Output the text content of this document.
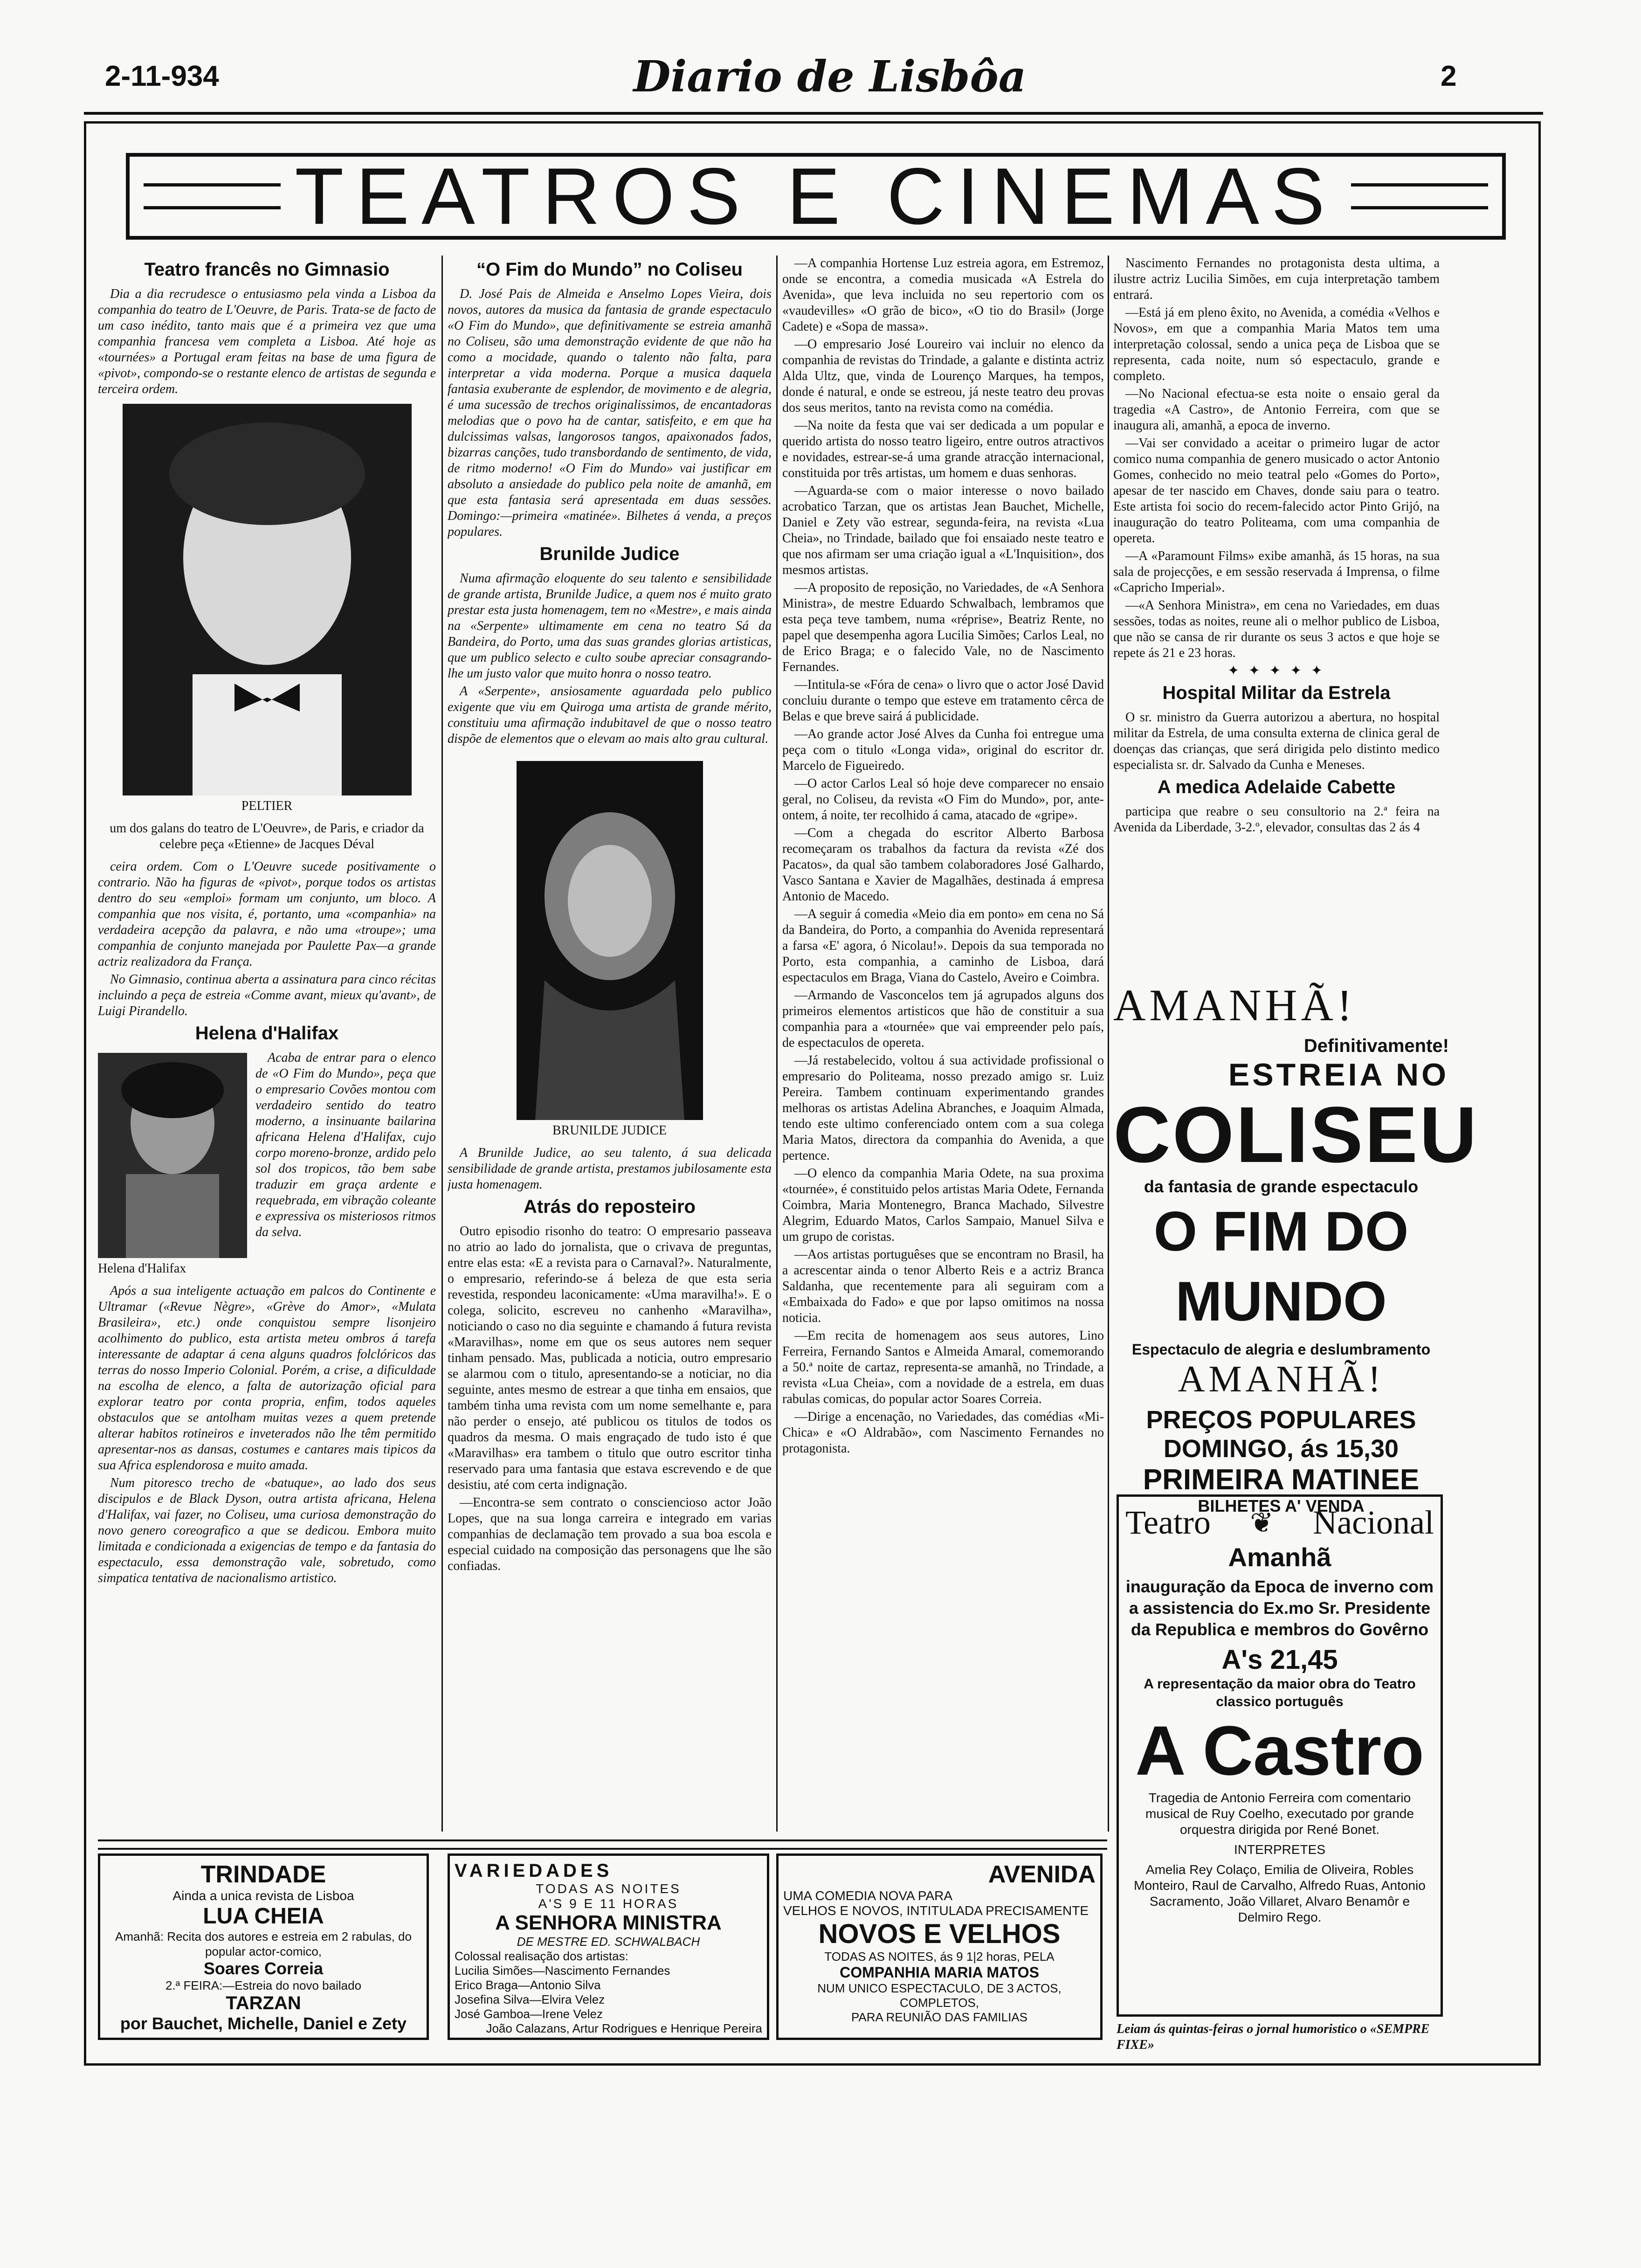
2-11-934	Diario de Lisbôa	2
TEATROS E CINEMAS
Teatro francês no Gimnasio

Dia a dia recrudesce o entusiasmo pela vinda a Lisboa da companhia do teatro de L'Oeuvre, de Paris. Trata-se de facto de um caso inédito, tanto mais que é a primeira vez que uma companhia francesa vem completa a Lisboa. Até hoje as «tournées» a Portugal eram feitas na base de uma figura de «pivot», compondo-se o restante elenco de artistas de segunda e terceira ordem.

PELTIER
um dos galans do teatro de L'Oeuvre», de Paris, e criador da celebre peça «Etienne» de Jacques Déval

ceira ordem. Com o L'Oeuvre sucede positivamente o contrario. Não ha figuras de «pivot», porque todos os artistas dentro do seu «emploi» formam um conjunto, um bloco. A companhia que nos visita, é, portanto, uma «companhia» na verdadeira acepção da palavra, e não uma «troupe»; uma companhia de conjunto manejada por Paulette Pax—a grande actriz realizadora da França.

No Gimnasio, continua aberta a assinatura para cinco récitas incluindo a peça de estreia «Comme avant, mieux qu'avant», de Luigi Pirandello.

Helena d'Halifax

Acaba de entrar para o elenco de «O Fim do Mundo», peça que o empresario Covões montou com verdadeiro sentido do teatro moderno, a insinuante bailarina africana Helena d'Halifax, cujo corpo moreno-bronze, ardido pelo sol dos tropicos, tão bem sabe traduzir em graça ardente e requebrada, em vibração coleante e expressiva os misteriosos ritmos da selva.

Helena d'Halifax

Após a sua inteligente actuação em palcos do Continente e Ultramar («Revue Nègre», «Grève do Amor», «Mulata Brasileira», etc.) onde conquistou sempre lisonjeiro acolhimento do publico, esta artista meteu ombros á tarefa interessante de adaptar á cena alguns quadros folclóricos das terras do nosso Imperio Colonial. Porém, a crise, a dificuldade na escolha de elenco, a falta de autorização oficial para explorar teatro por conta propria, enfim, todos aqueles obstaculos que se antolham muitas vezes a quem pretende alterar habitos rotineiros e inveterados não lhe têm permitido apresentar-nos as dansas, costumes e cantares mais tipicos da sua Africa esplendorosa e muito amada.

Num pitoresco trecho de «batuque», ao lado dos seus discipulos e de Black Dyson, outra artista africana, Helena d'Halifax, vai fazer, no Coliseu, uma curiosa demonstração do novo genero coreografico a que se dedicou. Embora muito limitada e condicionada a exigencias de tempo e da fantasia do espectaculo, essa demonstração vale, sobretudo, como simpatica tentativa de nacionalismo artistico.

“O Fim do Mundo” no Coliseu

D. José Pais de Almeida e Anselmo Lopes Vieira, dois novos, autores da musica da fantasia de grande espectaculo «O Fim do Mundo», que definitivamente se estreia amanhã no Coliseu, são uma demonstração evidente de que não ha como a mocidade, quando o talento não falta, para interpretar a vida moderna. Porque a musica daquela fantasia exuberante de esplendor, de movimento e de alegria, é uma sucessão de trechos originalissimos, de encantadoras melodias que o povo ha de cantar, satisfeito, e em que ha dulcissimas valsas, langorosos tangos, apaixonados fados, bizarras canções, tudo transbordando de sentimento, de vida, de ritmo moderno! «O Fim do Mundo» vai justificar em absoluto a ansiedade do publico pela noite de amanhã, em que esta fantasia será apresentada em duas sessões. Domingo:—primeira «matinée». Bilhetes á venda, a preços populares.

Brunilde Judice

Numa afirmação eloquente do seu talento e sensibilidade de grande artista, Brunilde Judice, a quem nos é muito grato prestar esta justa homenagem, tem no «Mestre», e mais ainda na «Serpente» ultimamente em cena no teatro Sá da Bandeira, do Porto, uma das suas grandes glorias artisticas, que um publico selecto e culto soube apreciar consagrando-lhe um justo valor que muito honra o nosso teatro.

A «Serpente», ansiosamente aguardada pelo publico exigente que viu em Quiroga uma artista de grande mérito, constituiu uma afirmação indubitavel de que o nosso teatro dispõe de elementos que o elevam ao mais alto grau cultural.

BRUNILDE JUDICE

A Brunilde Judice, ao seu talento, á sua delicada sensibilidade de grande artista, prestamos jubilosamente esta justa homenagem.

Atrás do reposteiro

Outro episodio risonho do teatro: O empresario passeava no atrio ao lado do jornalista, que o crivava de preguntas, entre elas esta: «E a revista para o Carnaval?». Naturalmente, o empresario, referindo-se á beleza de que esta seria revestida, respondeu laconicamente: «Uma maravilha!». E o colega, solicito, escreveu no canhenho «Maravilha», noticiando o caso no dia seguinte e chamando á futura revista «Maravilhas», nome em que os seus autores nem sequer tinham pensado. Mas, publicada a noticia, outro empresario se alarmou com o titulo, apresentando-se a noticiar, no dia seguinte, antes mesmo de estrear a que tinha em ensaios, que também tinha uma revista com um nome semelhante e, para não perder o ensejo, até publicou os titulos de todos os quadros da mesma. O mais engraçado de tudo isto é que «Maravilhas» era tambem o titulo que outro escritor tinha reservado para uma fantasia que estava escrevendo e de que desistiu, até com certa indignação.

—Encontra-se sem contrato o consciencioso actor João Lopes, que na sua longa carreira e integrado em varias companhias de declamação tem provado a sua boa escola e especial cuidado na composição das personagens que lhe são confiadas.

—A companhia Hortense Luz estreia agora, em Estremoz, onde se encontra, a comedia musicada «A Estrela do Avenida», que leva incluida no seu repertorio com os «vaudevilles» «O grão de bico», «O tio do Brasil» (Jorge Cadete) e «Sopa de massa».

—O empresario José Loureiro vai incluir no elenco da companhia de revistas do Trindade, a galante e distinta actriz Alda Ultz, que, vinda de Lourenço Marques, ha tempos, donde é natural, e onde se estreou, já neste teatro deu provas dos seus meritos, tanto na revista como na comédia.

—Na noite da festa que vai ser dedicada a um popular e querido artista do nosso teatro ligeiro, entre outros atractivos e novidades, estrear-se-á uma grande atracção internacional, constituida por três artistas, um homem e duas senhoras.

—Aguarda-se com o maior interesse o novo bailado acrobatico Tarzan, que os artistas Jean Bauchet, Michelle, Daniel e Zety vão estrear, segunda-feira, na revista «Lua Cheia», no Trindade, bailado que foi ensaiado neste teatro e que nos afirmam ser uma criação igual a «L'Inquisition», dos mesmos artistas.

—A proposito de reposição, no Variedades, de «A Senhora Ministra», de mestre Eduardo Schwalbach, lembramos que esta peça teve tambem, numa «réprise», Beatriz Rente, no papel que desempenha agora Lucilia Simões; Carlos Leal, no de Erico Braga; e o falecido Vale, no de Nascimento Fernandes.

—Intitula-se «Fóra de cena» o livro que o actor José David concluiu durante o tempo que esteve em tratamento cêrca de Belas e que breve sairá á publicidade.

—Ao grande actor José Alves da Cunha foi entregue uma peça com o titulo «Longa vida», original do escritor dr. Marcelo de Figueiredo.

—O actor Carlos Leal só hoje deve comparecer no ensaio geral, no Coliseu, da revista «O Fim do Mundo», por, ante-ontem, á noite, ter recolhido á cama, atacado de «gripe».

—Com a chegada do escritor Alberto Barbosa recomeçaram os trabalhos da factura da revista «Zé dos Pacatos», da qual são tambem colaboradores José Galhardo, Vasco Santana e Xavier de Magalhães, destinada á empresa Antonio de Macedo.

—A seguir á comedia «Meio dia em ponto» em cena no Sá da Bandeira, do Porto, a companhia do Avenida representará a farsa «E' agora, ó Nicolau!». Depois da sua temporada no Porto, esta companhia, a caminho de Lisboa, dará espectaculos em Braga, Viana do Castelo, Aveiro e Coimbra.

—Armando de Vasconcelos tem já agrupados alguns dos primeiros elementos artisticos que hão de constituir a sua companhia para a «tournée» que vai empreender pelo país, de espectaculos de opereta.

—Já restabelecido, voltou á sua actividade profissional o empresario do Politeama, nosso prezado amigo sr. Luiz Pereira. Tambem continuam experimentando grandes melhoras os artistas Adelina Abranches, e Joaquim Almada, tendo este ultimo conferenciado ontem com a sua colega Maria Matos, directora da companhia do Avenida, a que pertence.

—O elenco da companhia Maria Odete, na sua proxima «tournée», é constituido pelos artistas Maria Odete, Fernanda Coimbra, Maria Montenegro, Branca Machado, Silvestre Alegrim, Eduardo Matos, Carlos Sampaio, Manuel Silva e um grupo de coristas.

—Aos artistas portuguêses que se encontram no Brasil, ha a acrescentar ainda o tenor Alberto Reis e a actriz Branca Saldanha, que recentemente para ali seguiram com a «Embaixada do Fado» e que por lapso omitimos na nossa noticia.

—Em recita de homenagem aos seus autores, Lino Ferreira, Fernando Santos e Almeida Amaral, comemorando a 50.ª noite de cartaz, representa-se amanhã, no Trindade, a revista «Lua Cheia», com a novidade de a estrela, em duas rabulas comicas, do popular actor Soares Correia.

—Dirige a encenação, no Variedades, das comédias «Mi-Chica» e «O Aldrabão», com Nascimento Fernandes no protagonista.

Nascimento Fernandes no protagonista desta ultima, a ilustre actriz Lucilia Simões, em cuja interpretação tambem entrará.

—Está já em pleno êxito, no Avenida, a comédia «Velhos e Novos», em que a companhia Maria Matos tem uma interpretação colossal, sendo a unica peça de Lisboa que se representa, cada noite, num só espectaculo, grande e completo.

—No Nacional efectua-se esta noite o ensaio geral da tragedia «A Castro», de Antonio Ferreira, com que se inaugura ali, amanhã, a epoca de inverno.

—Vai ser convidado a aceitar o primeiro lugar de actor comico numa companhia de genero musicado o actor Antonio Gomes, conhecido no meio teatral pelo «Gomes do Porto», apesar de ter nascido em Chaves, donde saiu para o teatro. Este artista foi socio do recem-falecido actor Pinto Grijó, na inauguração do teatro Politeama, com uma companhia de opereta.

—A «Paramount Films» exibe amanhã, ás 15 horas, na sua sala de projecções, e em sessão reservada á Imprensa, o filme «Capricho Imperial».

—«A Senhora Ministra», em cena no Variedades, em duas sessões, todas as noites, reune ali o melhor publico de Lisboa, que não se cansa de rir durante os seus 3 actos e que hoje se repete ás 21 e 23 horas.

✦ ✦ ✦ ✦ ✦
Hospital Militar da Estrela

O sr. ministro da Guerra autorizou a abertura, no hospital militar da Estrela, de uma consulta externa de clinica geral de doenças das crianças, que será dirigida pelo distinto medico especialista sr. dr. Salvado da Cunha e Meneses.

A medica Adelaide Cabette

participa que reabre o seu consultorio na 2.ª feira na Avenida da Liberdade, 3-2.º, elevador, consultas das 2 ás 4

AMANHÃ!
Definitivamente!
ESTREIA NO
COLISEU
da fantasia de grande espectaculo
O FIM DO MUNDO
Espectaculo de alegria e deslumbramento
AMANHÃ!
PREÇOS POPULARES
DOMINGO, ás 15,30
PRIMEIRA MATINEE
BILHETES A' VENDA
Teatro ❦ Nacional
Amanhã
inauguração da Epoca de inverno com a assistencia do Ex.mo Sr. Presidente da Republica e membros do Govêrno
A's 21,45
A representação da maior obra do Teatro classico português
A Castro
Tragedia de Antonio Ferreira com comentario musical de Ruy Coelho, executado por grande orquestra dirigida por René Bonet.
INTERPRETES
Amelia Rey Colaço, Emilia de Oliveira, Robles Monteiro, Raul de Carvalho, Alfredo Ruas, Antonio Sacramento, João Villaret, Alvaro Benamôr e Delmiro Rego.
Leiam ás quintas-feiras o jornal humoristico o «SEMPRE FIXE»
TRINDADE
Ainda a unica revista de Lisboa
LUA CHEIA
Amanhã: Recita dos autores e estreia em 2 rabulas, do popular actor-comico,
Soares Correia
2.ª FEIRA:—Estreia do novo bailado
TARZAN
por Bauchet, Michelle, Daniel e Zety
VARIEDADES
TODAS AS NOITES
A'S 9 E 11 HORAS
A SENHORA MINISTRA
DE MESTRE ED. SCHWALBACH
Colossal realisação dos artistas:
Lucilia Simões—Nascimento Fernandes
Erico Braga—Antonio Silva
Josefina Silva—Elvira Velez
José Gamboa—Irene Velez
João Calazans, Artur Rodrigues e Henrique Pereira
AVENIDA
UMA COMEDIA NOVA PARA
VELHOS E NOVOS, INTITULADA PRECISAMENTE
NOVOS E VELHOS
TODAS AS NOITES, ás 9 1|2 horas, PELA
COMPANHIA MARIA MATOS
NUM UNICO ESPECTACULO, DE 3 ACTOS,
COMPLETOS,
PARA REUNIÃO DAS FAMILIAS
